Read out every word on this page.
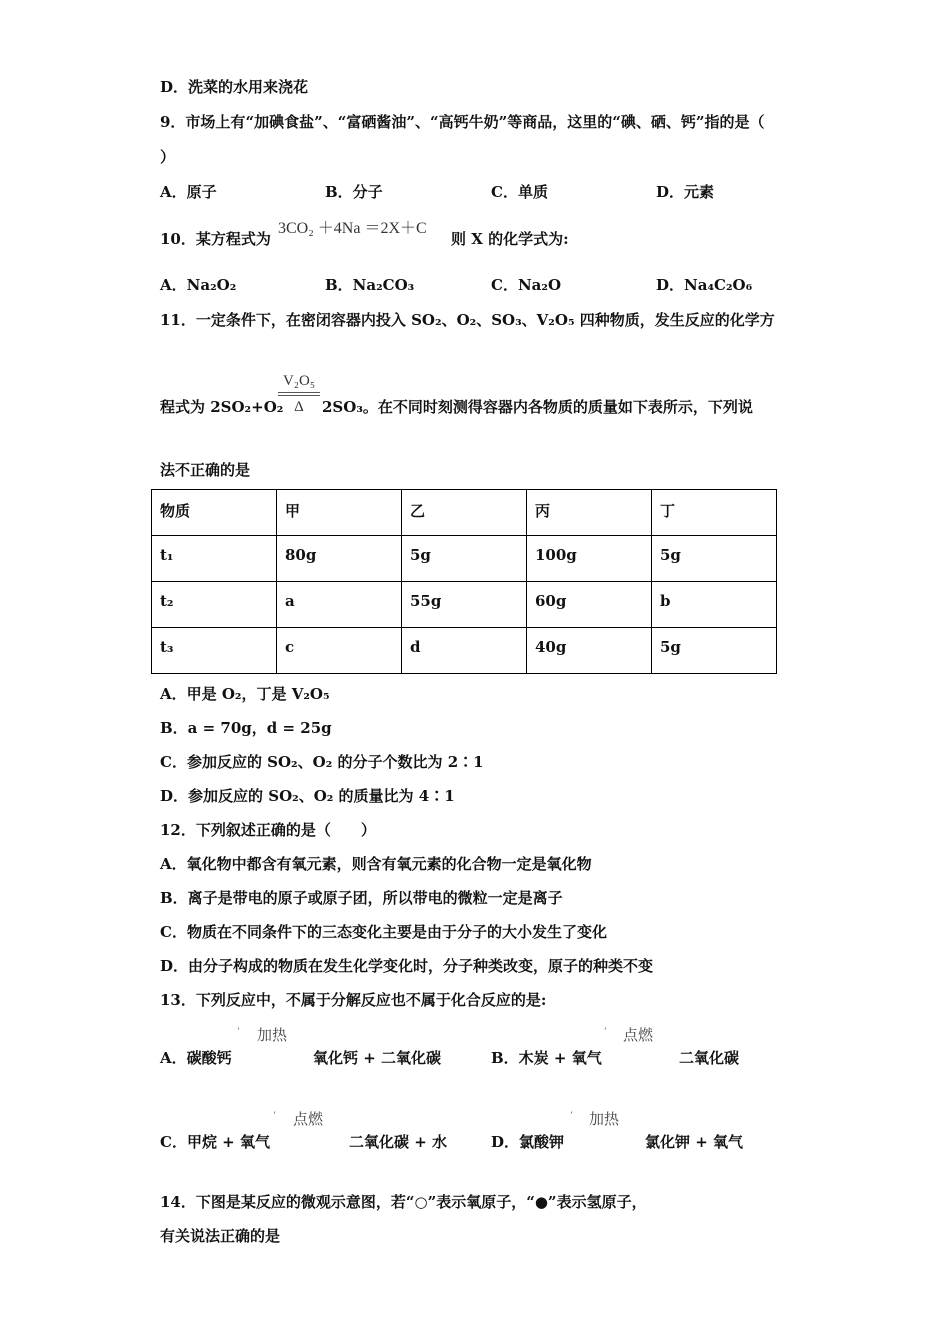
D．洗菜的水用来浇花
9．市场上有“加碘食盐”、“富硒酱油”、“高钙牛奶”等商品，这里的“碘、硒、钙”指的是（
）
A．原子	B．分子	C．单质	D．元素
10．某方程式为
3CO₂ ＋4Na ＝2X＋C
则 X 的化学式为:
A．Na₂O₂	B．Na₂CO₃	C．Na₂O	D．Na₄C₂O₆
11．一定条件下，在密闭容器内投入 SO₂、O₂、SO₃、V₂O₅ 四种物质，发生反应的化学方
程式为 2SO₂+O₂
V₂O₅
Δ	2SO₃。在不同时刻测得容器内各物质的质量如下表所示，下列说
法不正确的是
物质	甲	乙	丙	丁
t₁	80g	5g	100g	5g
t₂	a	55g	60g	b
t₃	c	d	40g	5g
A．甲是 O₂，丁是 V₂O₅
B．a = 70g，d = 25g
C．参加反应的 SO₂、O₂ 的分子个数比为 2∶1
D．参加反应的 SO₂、O₂ 的质量比为 4∶1
12．下列叙述正确的是（　　）
A．氧化物中都含有氧元素，则含有氧元素的化合物一定是氧化物
B．离子是带电的原子或原子团，所以带电的微粒一定是离子
C．物质在不同条件下的三态变化主要是由于分子的大小发生了变化
D．由分子构成的物质在发生化学变化时，分子种类改变，原子的种类不变
13．下列反应中，不属于分解反应也不属于化合反应的是:
ʼ 加热
A．碳酸钙	氧化钙 + 二氧化碳
ʼ 点燃
B．木炭 + 氧气	二氧化碳
ʼ 点燃
C．甲烷 + 氧气	二氧化碳 + 水
ʼ 加热
D．氯酸钾	氯化钾 + 氧气
14．下图是某反应的微观示意图，若“○”表示氧原子，“●”表示氢原子，
有关说法正确的是
